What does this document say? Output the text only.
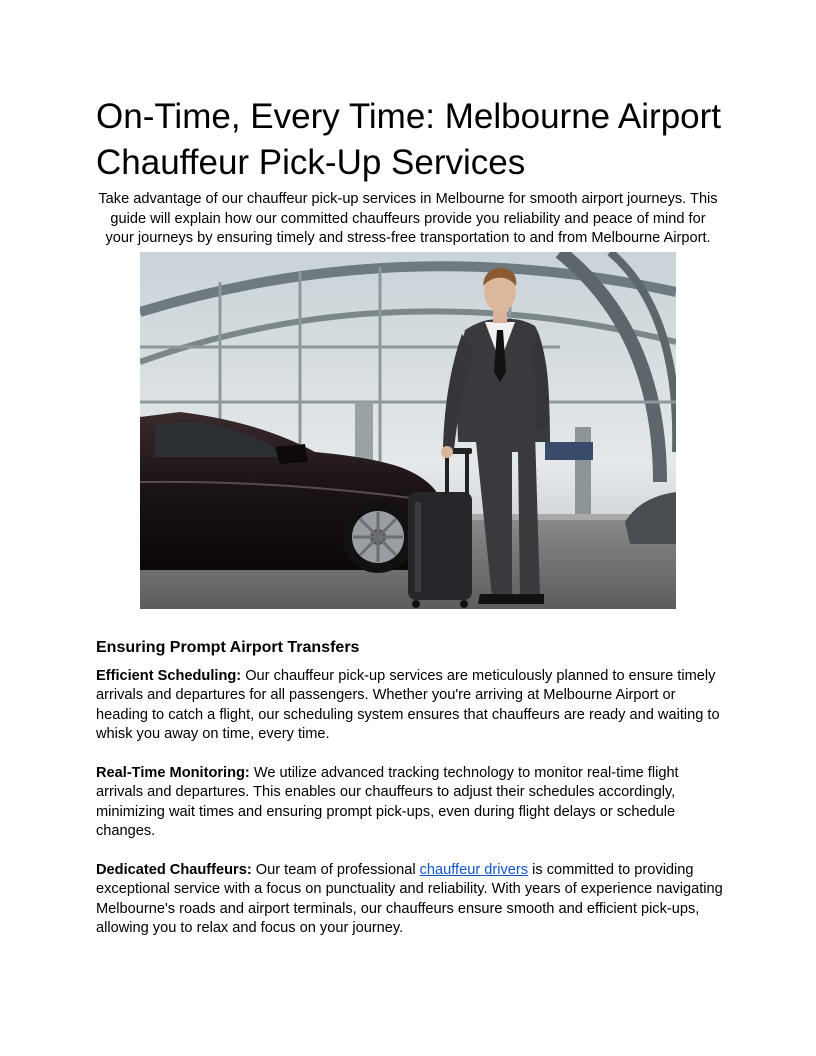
On-Time, Every Time: Melbourne Airport Chauffeur Pick-Up Services

Take advantage of our chauffeur pick-up services in Melbourne for smooth airport journeys. This guide will explain how our committed chauffeurs provide you reliability and peace of mind for your journeys by ensuring timely and stress-free transportation to and from Melbourne Airport.

Ensuring Prompt Airport Transfers

Efficient Scheduling: Our chauffeur pick-up services are meticulously planned to ensure timely arrivals and departures for all passengers. Whether you're arriving at Melbourne Airport or heading to catch a flight, our scheduling system ensures that chauffeurs are ready and waiting to whisk you away on time, every time.

Real-Time Monitoring: We utilize advanced tracking technology to monitor real-time flight arrivals and departures. This enables our chauffeurs to adjust their schedules accordingly, minimizing wait times and ensuring prompt pick-ups, even during flight delays or schedule changes.

Dedicated Chauffeurs: Our team of professional chauffeur drivers is committed to providing exceptional service with a focus on punctuality and reliability. With years of experience navigating Melbourne's roads and airport terminals, our chauffeurs ensure smooth and efficient pick-ups, allowing you to relax and focus on your journey.
